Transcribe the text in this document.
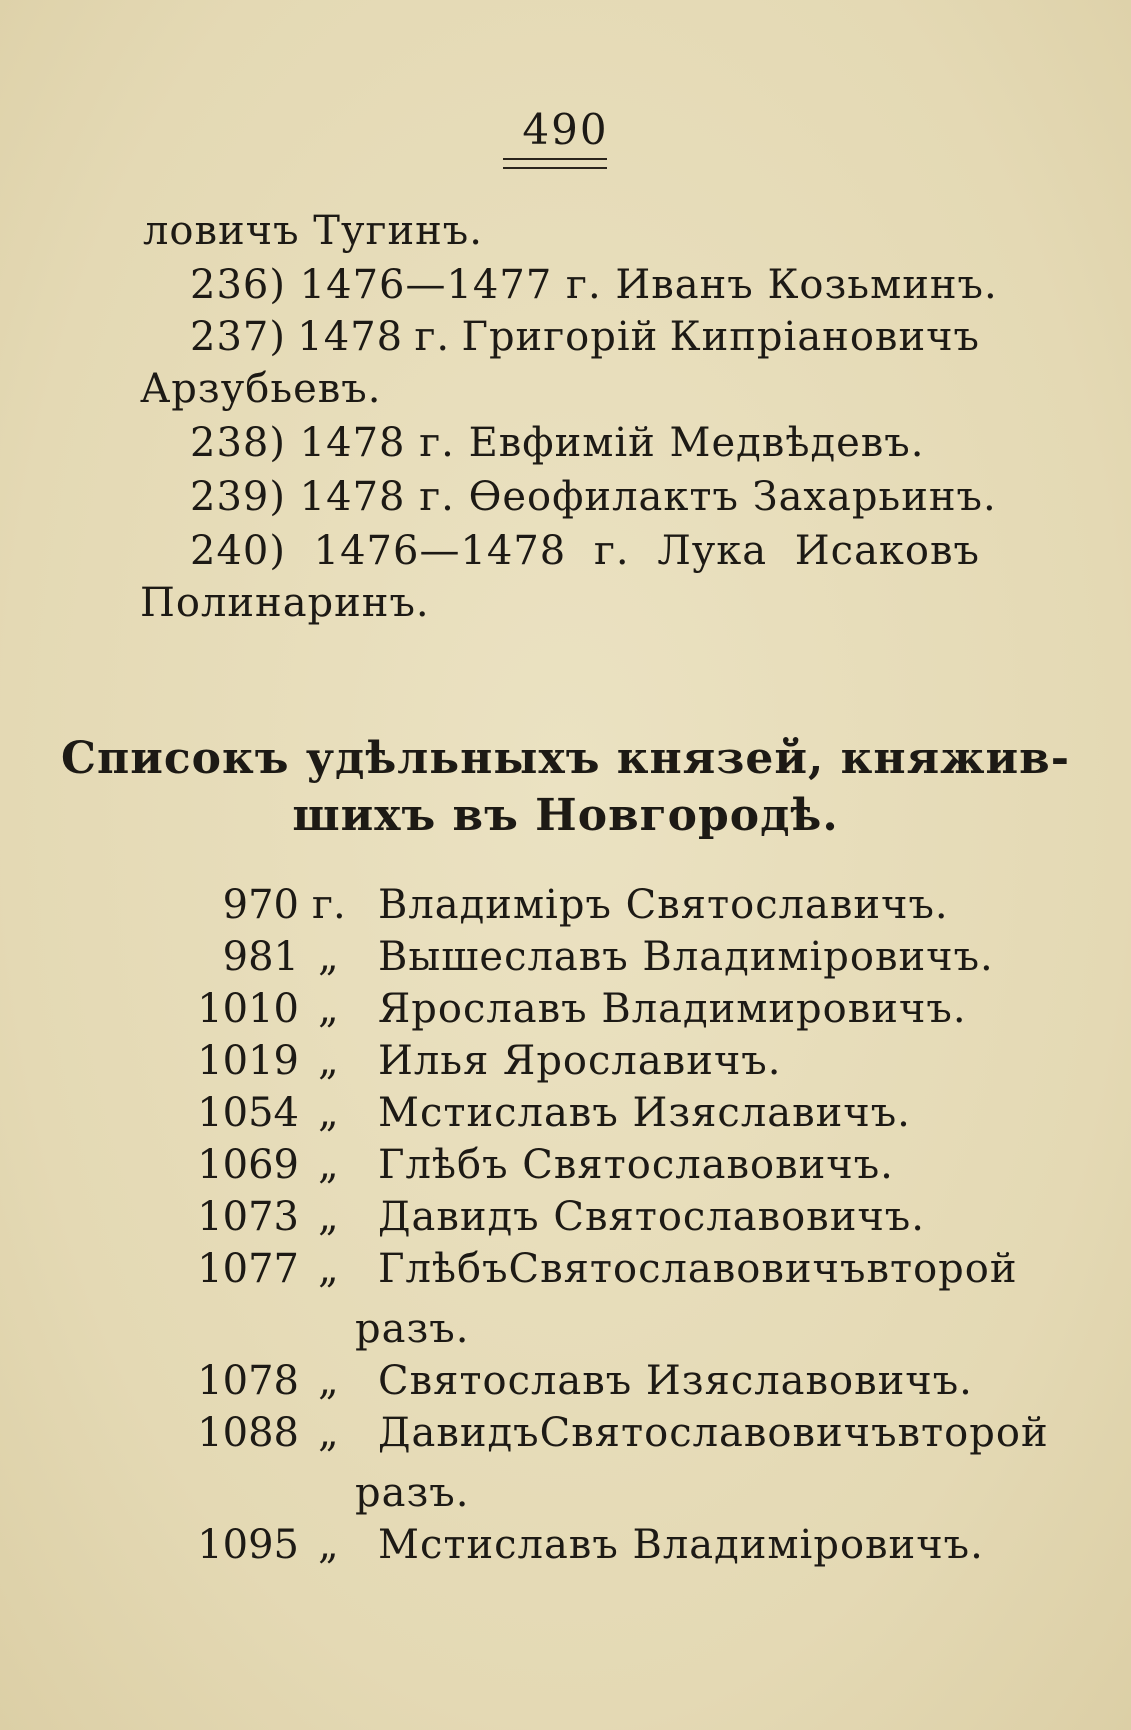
490
ловичъ Тугинъ.
236) 1476—1477 г. Иванъ Козьминъ.
237) 1478 г. Григорій Кипріановичъ
Арзубьевъ.
238) 1478 г. Евфимій Медвѣдевъ.
239) 1478 г. Ѳеофилактъ Захарьинъ.
240) 1476—1478 г. Лука Исаковъ
Полинаринъ.
Списокъ удѣльныхъ князей, княжив-
шихъ въ Новгородѣ.
970 г. Владиміръ Святославичъ.
981 „ Вышеславъ Владиміровичъ.
1010 „ Ярославъ Владимировичъ.
1019 „ Илья Ярославичъ.
1054 „ Мстиславъ Изяславичъ.
1069 „ Глѣбъ Святославовичъ.
1073 „ Давидъ Святославовичъ.
1077 „ Глѣбъ Святославовичъ второй
разъ.
1078 „ Святославъ Изяславовичъ.
1088 „ Давидъ Святославовичъ второй
разъ.
1095 „ Мстиславъ Владиміровичъ.
